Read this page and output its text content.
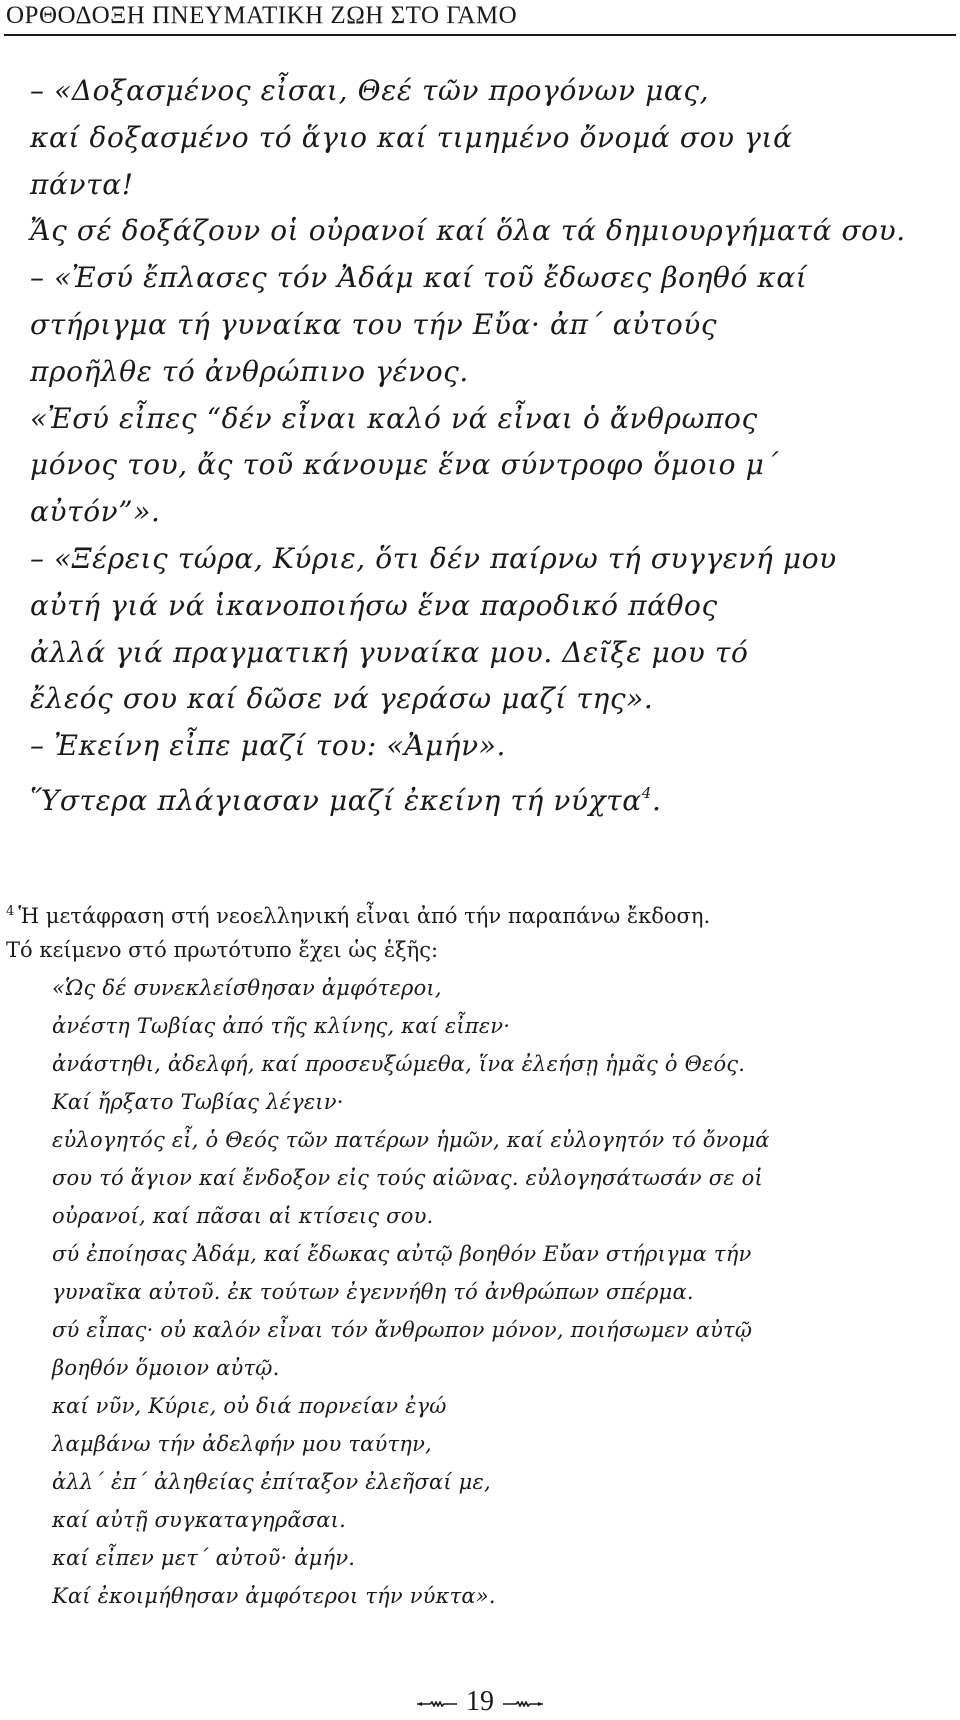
ΟΡΘΟΔΟΞΗ ΠΝΕΥΜΑΤΙΚΗ ΖΩΗ ΣΤΟ ΓΑΜΟ
– «Δοξασμένος εἶσαι, Θεέ τῶν προγόνων μας,
καί δοξασμένο τό ἅγιο καί τιμημένο ὄνομά σου γιά
πάντα!
Ἄς σέ δοξάζουν οἱ οὐρανοί καί ὅλα τά δημιουργήματά σου.
– «Ἐσύ ἔπλασες τόν Ἀδάμ καί τοῦ ἔδωσες βοηθό καί
στήριγμα τή γυναίκα του τήν Εὔα· ἀπ΄ αὐτούς
προῆλθε τό ἀνθρώπινο γένος.
«Ἐσύ εἶπες “δέν εἶναι καλό νά εἶναι ὁ ἄνθρωπος
μόνος του, ἄς τοῦ κάνουμε ἕνα σύντροφο ὅμοιο μ΄
αὐτόν”».
– «Ξέρεις τώρα, Κύριε, ὅτι δέν παίρνω τή συγγενή μου
αὐτή γιά νά ἱκανοποιήσω ἕνα παροδικό πάθος
ἀλλά γιά πραγματική γυναίκα μου. Δεῖξε μου τό
ἔλεός σου καί δῶσε νά γεράσω μαζί της».
– Ἐκείνη εἶπε μαζί του: «Ἀμήν».
Ὕστερα πλάγιασαν μαζί ἐκείνη τή νύχτα$^4$.
$^4$ Ἡ μετάφραση στή νεοελληνική εἶναι ἀπό τήν παραπάνω ἔκδοση.
Τό κείμενο στό πρωτότυπο ἔχει ὡς ἑξῆς:
«Ὡς δέ συνεκλείσθησαν ἀμφότεροι,
ἀνέστη Τωβίας ἀπό τῆς κλίνης, καί εἶπεν·
ἀνάστηθι, ἀδελφή, καί προσευξώμεθα, ἵνα ἐλεήσῃ ἡμᾶς ὁ Θεός.
Καί ἤρξατο Τωβίας λέγειν·
εὐλογητός εἶ, ὁ Θεός τῶν πατέρων ἡμῶν, καί εὐλογητόν τό ὄνομά
σου τό ἅγιον καί ἔνδοξον εἰς τούς αἰῶνας. εὐλογησάτωσάν σε οἱ
οὐρανοί, καί πᾶσαι αἱ κτίσεις σου.
σύ ἐποίησας Ἀδάμ, καί ἔδωκας αὐτῷ βοηθόν Εὔαν στήριγμα τήν
γυναῖκα αὐτοῦ. ἐκ τούτων ἐγεννήθη τό ἀνθρώπων σπέρμα.
σύ εἶπας· οὐ καλόν εἶναι τόν ἄνθρωπον μόνον, ποιήσωμεν αὐτῷ
βοηθόν ὅμοιον αὐτῷ.
καί νῦν, Κύριε, οὐ διά πορνείαν ἐγώ
λαμβάνω τήν ἀδελφήν μου ταύτην,
ἀλλ΄ ἐπ΄ ἀληθείας ἐπίταξον ἐλεῆσαί με,
καί αὐτῇ συγκαταγηρᾶσαι.
καί εἶπεν μετ΄ αὐτοῦ· ἀμήν.
Καί ἐκοιμήθησαν ἀμφότεροι τήν νύκτα».
19
